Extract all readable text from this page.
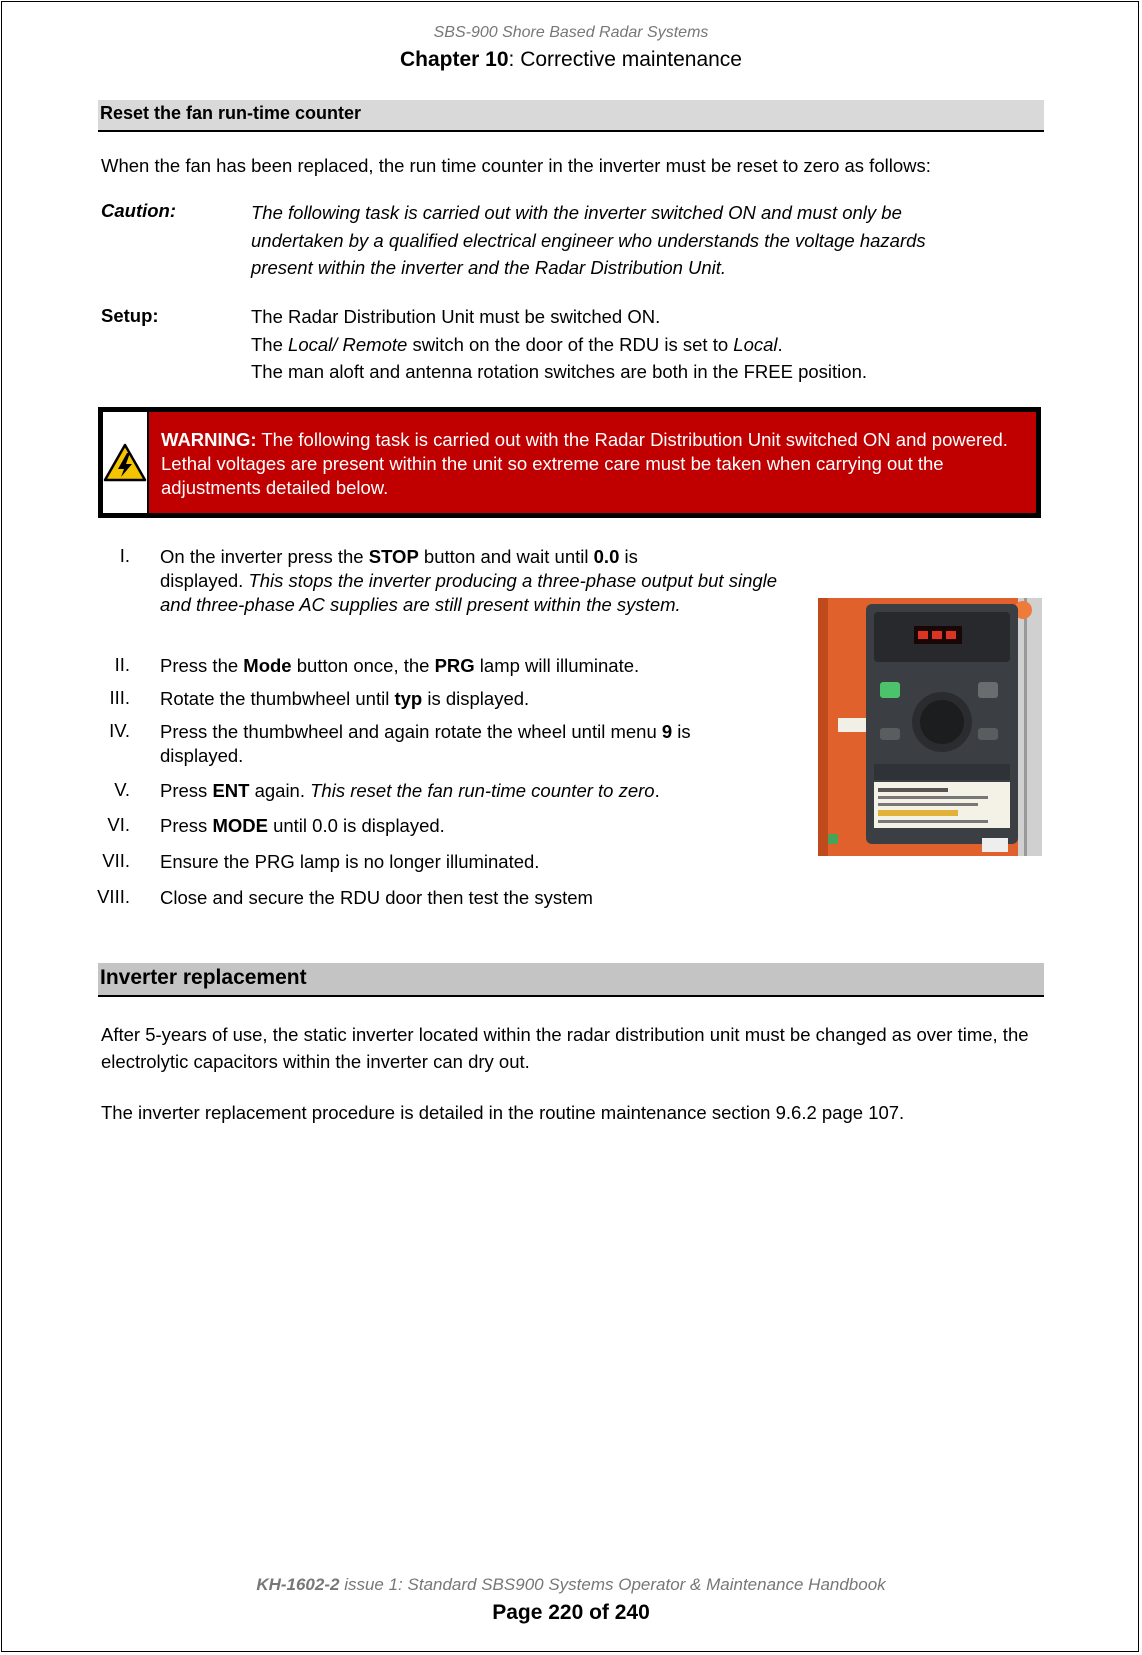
SBS-900 Shore Based Radar Systems
Chapter 10: Corrective maintenance
Reset the fan run-time counter
When the fan has been replaced, the run time counter in the inverter must be reset to zero as follows:
Caution:	The following task is carried out with the inverter switched ON and must only be
undertaken by a qualified electrical engineer who understands the voltage hazards
present within the inverter and the Radar Distribution Unit.
Setup:	The Radar Distribution Unit must be switched ON.
The Local/ Remote switch on the door of the RDU is set to Local.
The man aloft and antenna rotation switches are both in the FREE position.
WARNING: The following task is carried out with the Radar Distribution Unit switched ON and powered. Lethal voltages are present within the unit so extreme care must be taken when carrying out the adjustments detailed below.
I. On the inverter press the STOP button and wait until 0.0 is
displayed. This stops the inverter producing a three-phase output but single and three-phase AC supplies are still present within the system.
II. Press the Mode button once, the PRG lamp will illuminate.
III. Rotate the thumbwheel until typ is displayed.
IV. Press the thumbwheel and again rotate the wheel until menu 9 is displayed.
V. Press ENT again. This reset the fan run-time counter to zero.
VI. Press MODE until 0.0 is displayed.
VII. Ensure the PRG lamp is no longer illuminated.
VIII. Close and secure the RDU door then test the system
Inverter replacement
After 5-years of use, the static inverter located within the radar distribution unit must be changed as over time, the electrolytic capacitors within the inverter can dry out.
The inverter replacement procedure is detailed in the routine maintenance section 9.6.2 page 107.
KH-1602-2 issue 1: Standard SBS900 Systems Operator & Maintenance Handbook
Page 220 of 240
